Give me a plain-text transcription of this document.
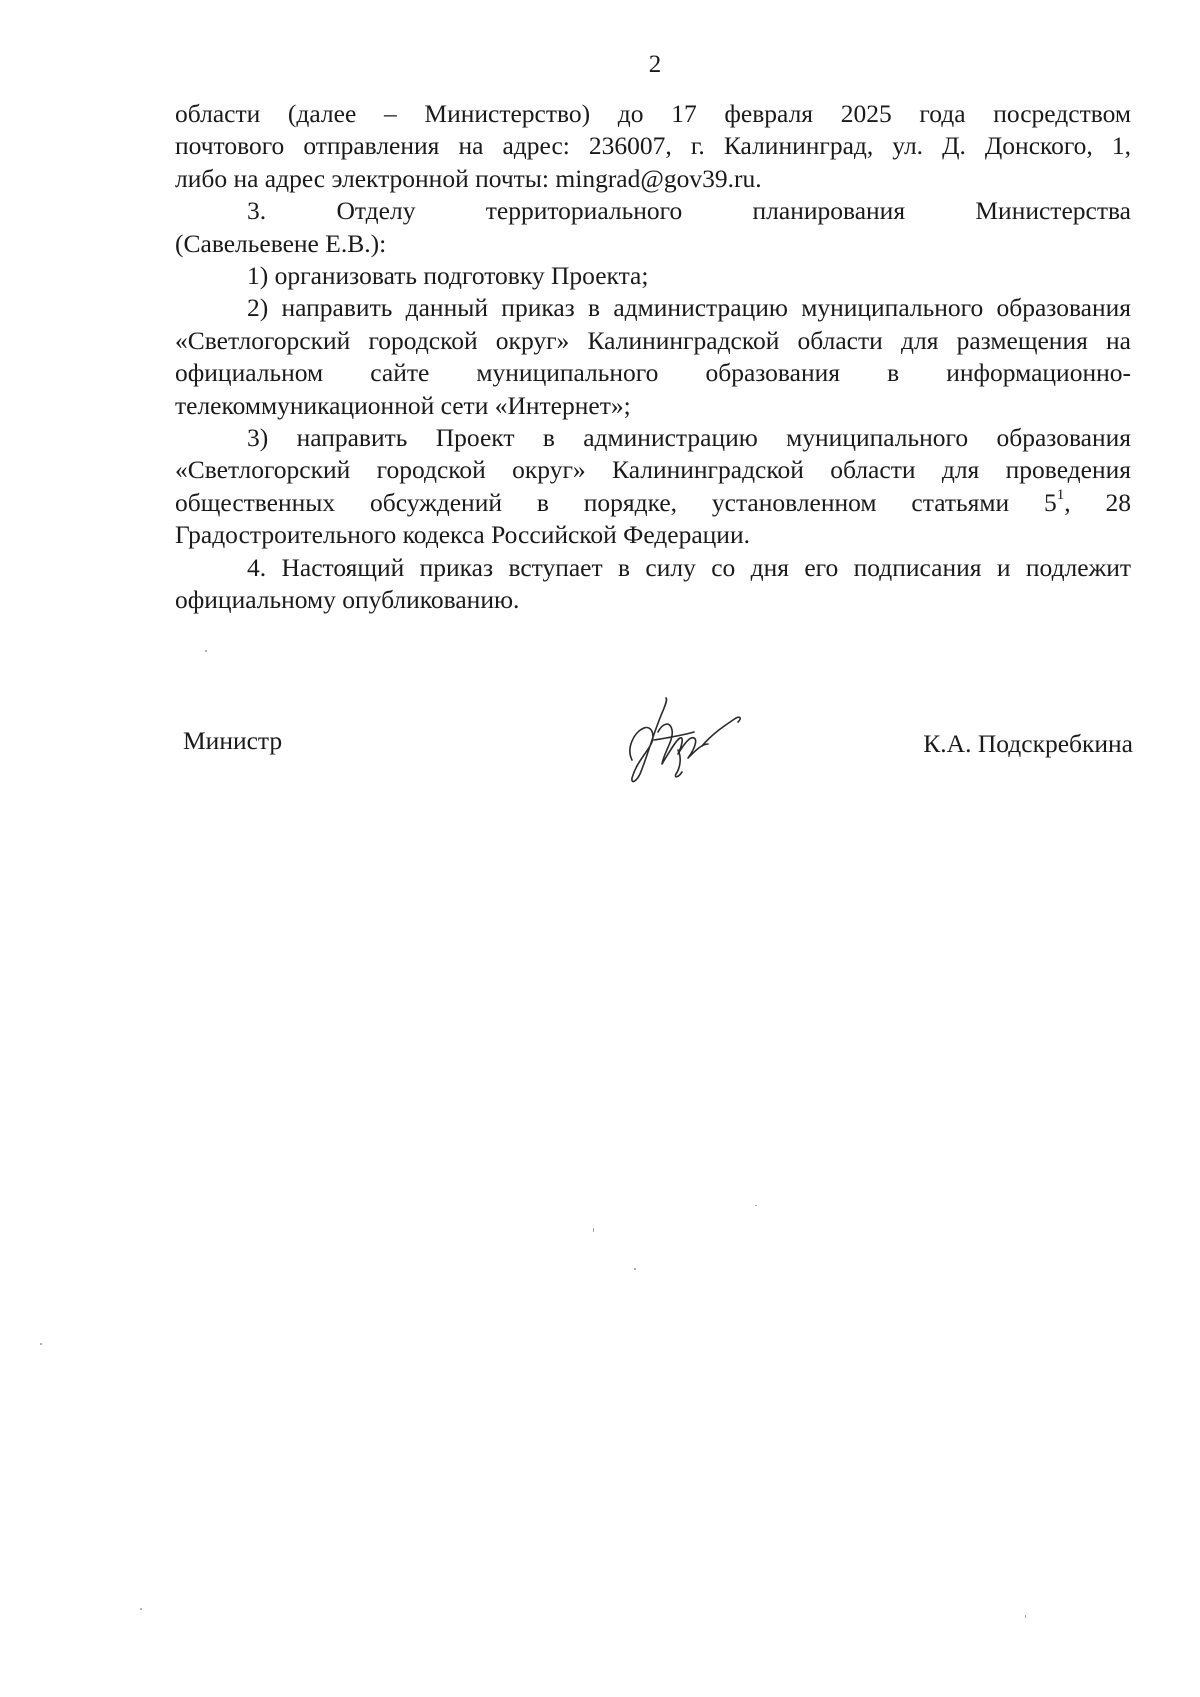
2

области (далее – Министерство) до 17 февраля 2025 года посредством

почтового отправления на адрес: 236007, г. Калининград, ул. Д. Донского, 1,

либо на адрес электронной почты: mingrad@gov39.ru.

3. Отделу территориального планирования Министерства

(Савельевене Е.В.):

1) организовать подготовку Проекта;

2) направить данный приказ в администрацию муниципального образования «Светлогорский городской округ» Калининградской области для размещения на официальном сайте муниципального образования в информационно-телекоммуникационной сети «Интернет»;

3) направить Проект в администрацию муниципального образования «Светлогорский городской округ» Калининградской области для проведения общественных обсуждений в порядке, установленном статьями $5^1$, 28 Градостроительного кодекса Российской Федерации.

4. Настоящий приказ вступает в силу со дня его подписания и подлежит официальному опубликованию.

Министр	К.А. Подскребкина
